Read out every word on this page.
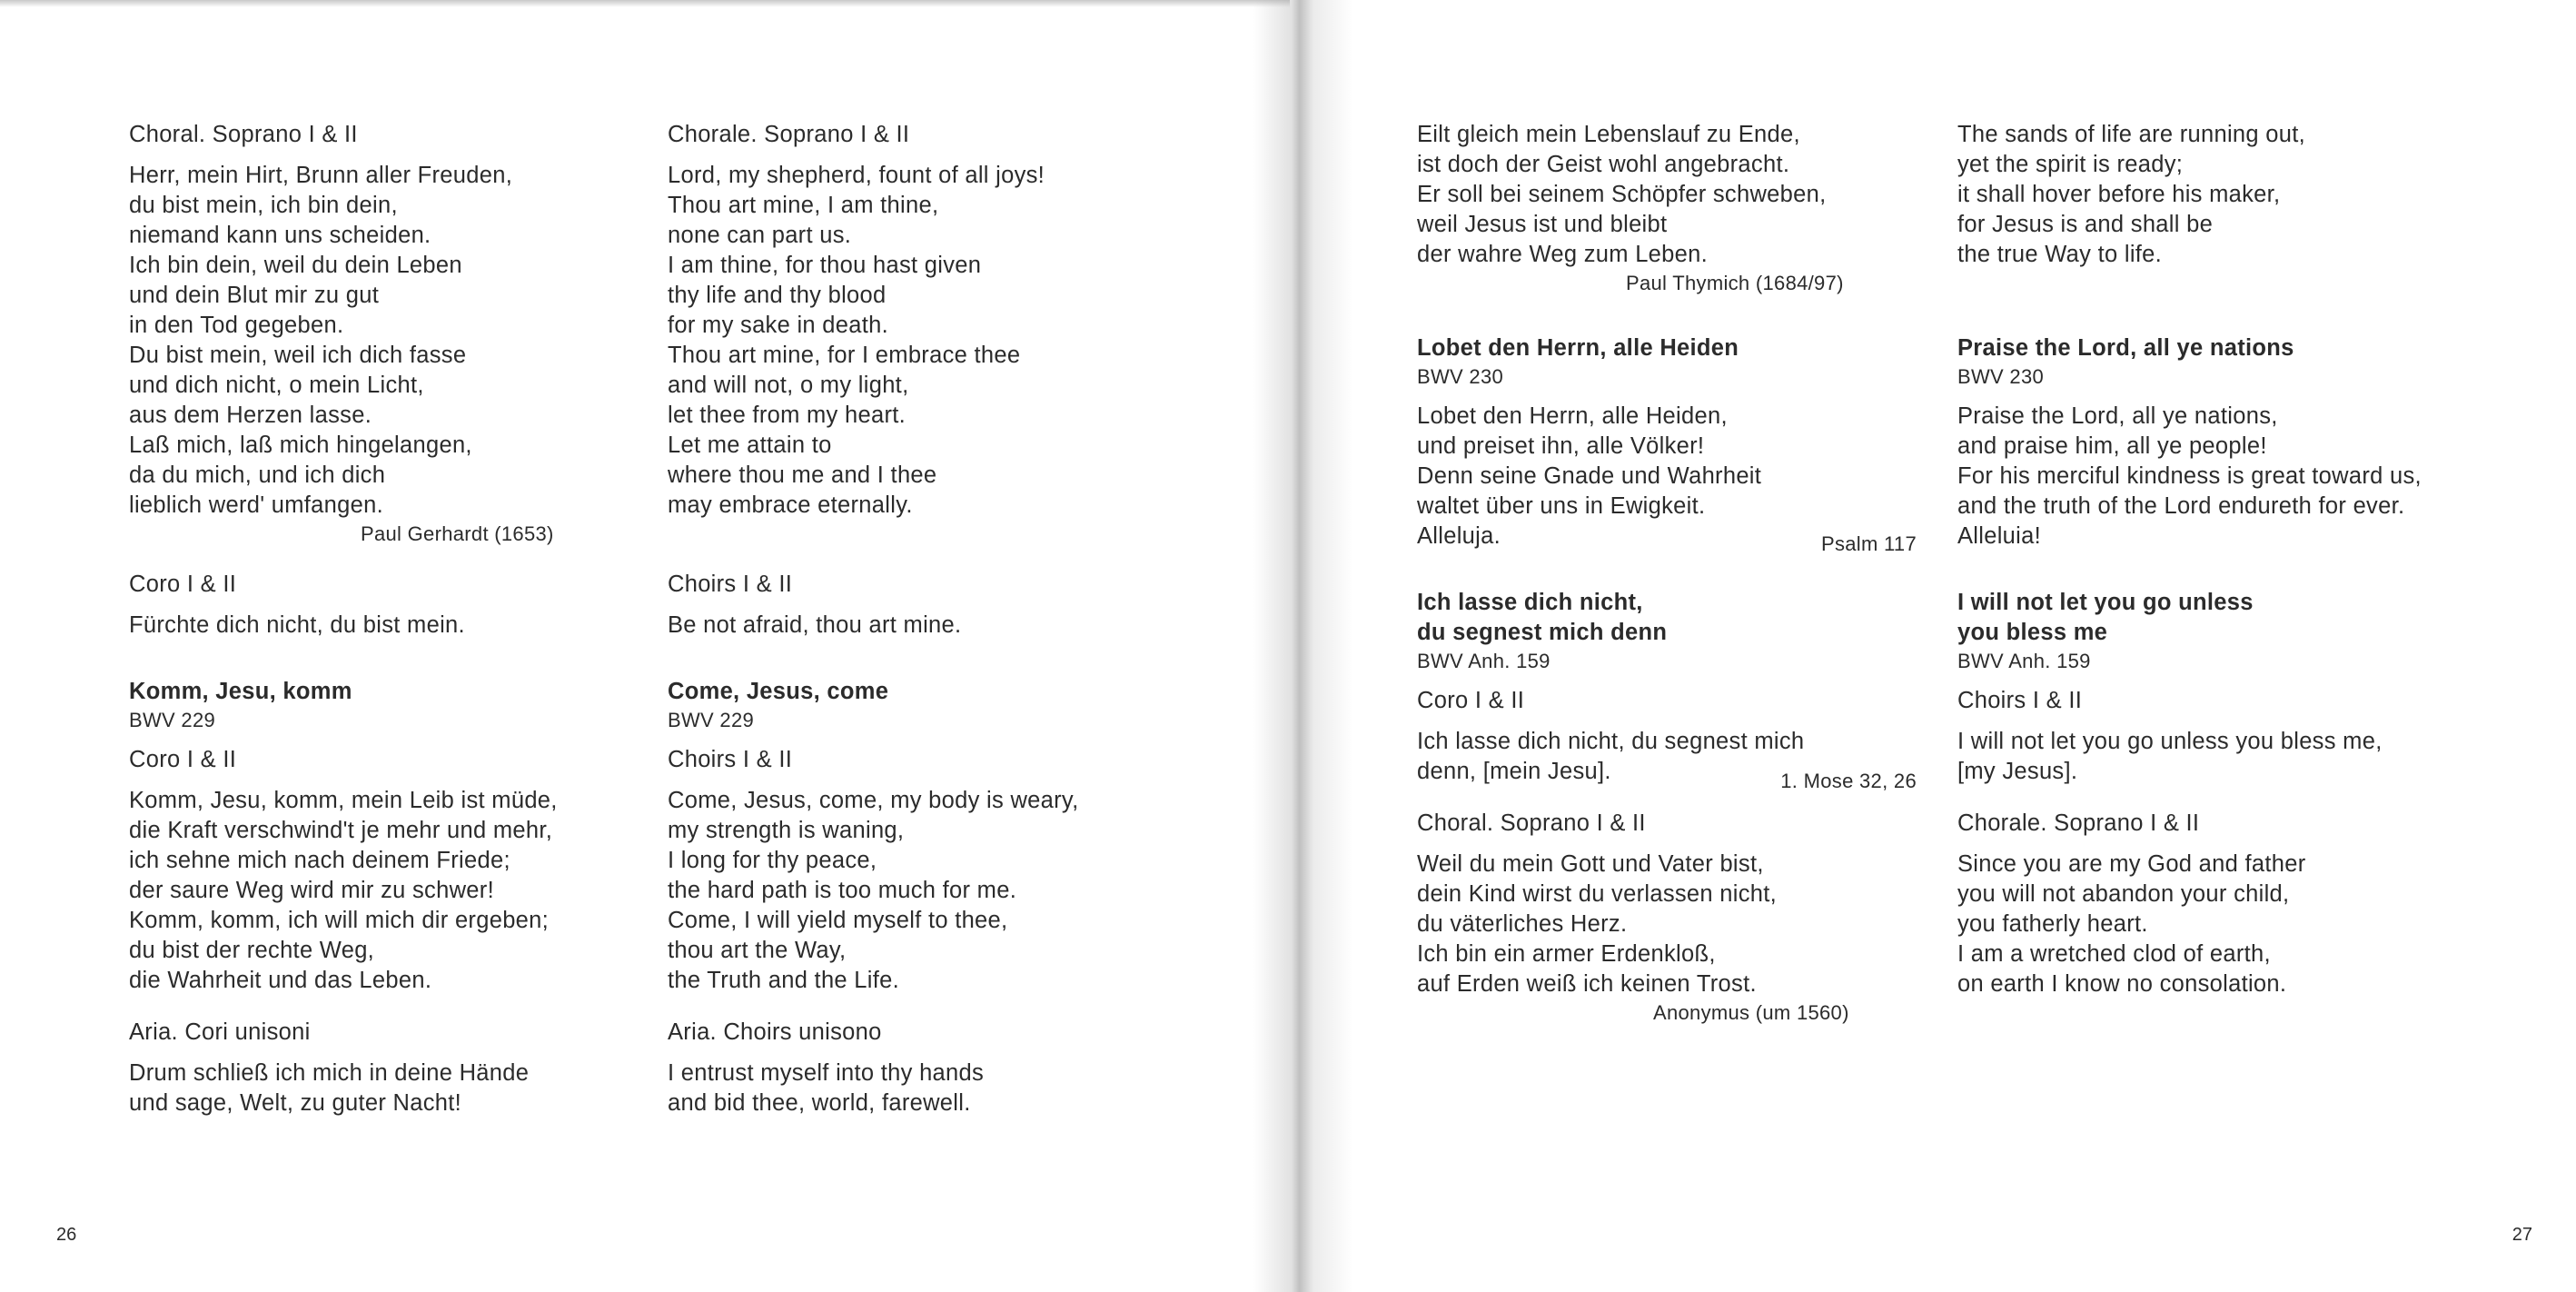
Choral. Soprano I & II

Herr, mein Hirt, Brunn aller Freuden,
du bist mein, ich bin dein,
niemand kann uns scheiden.
Ich bin dein, weil du dein Leben
und dein Blut mir zu gut
in den Tod gegeben.
Du bist mein, weil ich dich fasse
und dich nicht, o mein Licht,
aus dem Herzen lasse.
Laß mich, laß mich hingelangen,
da du mich, und ich dich
lieblich werd' umfangen.
Paul Gerhardt (1653)

Coro I & II

Fürchte dich nicht, du bist mein.

Komm, Jesu, komm

BWV 229

Coro I & II

Komm, Jesu, komm, mein Leib ist müde,
die Kraft verschwind't je mehr und mehr,
ich sehne mich nach deinem Friede;
der saure Weg wird mir zu schwer!
Komm, komm, ich will mich dir ergeben;
du bist der rechte Weg,
die Wahrheit und das Leben.

Aria. Cori unisoni

Drum schließ ich mich in deine Hände
und sage, Welt, zu guter Nacht!

Chorale. Soprano I & II

Lord, my shepherd, fount of all joys!
Thou art mine, I am thine,
none can part us.
I am thine, for thou hast given
thy life and thy blood
for my sake in death.
Thou art mine, for I embrace thee
and will not, o my light,
let thee from my heart.
Let me attain to
where thou me and I thee
may embrace eternally.

Choirs I & II

Be not afraid, thou art mine.

Come, Jesus, come

BWV 229

Choirs I & II

Come, Jesus, come, my body is weary,
my strength is waning,
I long for thy peace,
the hard path is too much for me.
Come, I will yield myself to thee,
thou art the Way,
the Truth and the Life.

Aria. Choirs unisono

I entrust myself into thy hands
and bid thee, world, farewell.
26
Eilt gleich mein Lebenslauf zu Ende,
ist doch der Geist wohl angebracht.
Er soll bei seinem Schöpfer schweben,
weil Jesus ist und bleibt
der wahre Weg zum Leben.
Paul Thymich (1684/97)

Lobet den Herrn, alle Heiden

BWV 230

Lobet den Herrn, alle Heiden,
und preiset ihn, alle Völker!
Denn seine Gnade und Wahrheit
waltet über uns in Ewigkeit.
Alleluja.	Psalm 117
Ich lasse dich nicht,
du segnest mich denn

BWV Anh. 159

Coro I & II

Ich lasse dich nicht, du segnest mich
denn, [mein Jesu].	1. Mose 32, 26

Choral. Soprano I & II

Weil du mein Gott und Vater bist,
dein Kind wirst du verlassen nicht,
du väterliches Herz.
Ich bin ein armer Erdenkloß,
auf Erden weiß ich keinen Trost.
Anonymus (um 1560)
The sands of life are running out,
yet the spirit is ready;
it shall hover before his maker,
for Jesus is and shall be
the true Way to life.

Praise the Lord, all ye nations

BWV 230

Praise the Lord, all ye nations,
and praise him, all ye people!
For his merciful kindness is great toward us,
and the truth of the Lord endureth for ever.
Alleluia!
I will not let you go unless
you bless me

BWV Anh. 159

Choirs I & II

I will not let you go unless you bless me,
[my Jesus].

Chorale. Soprano I & II

Since you are my God and father
you will not abandon your child,
you fatherly heart.
I am a wretched clod of earth,
on earth I know no consolation.
27
